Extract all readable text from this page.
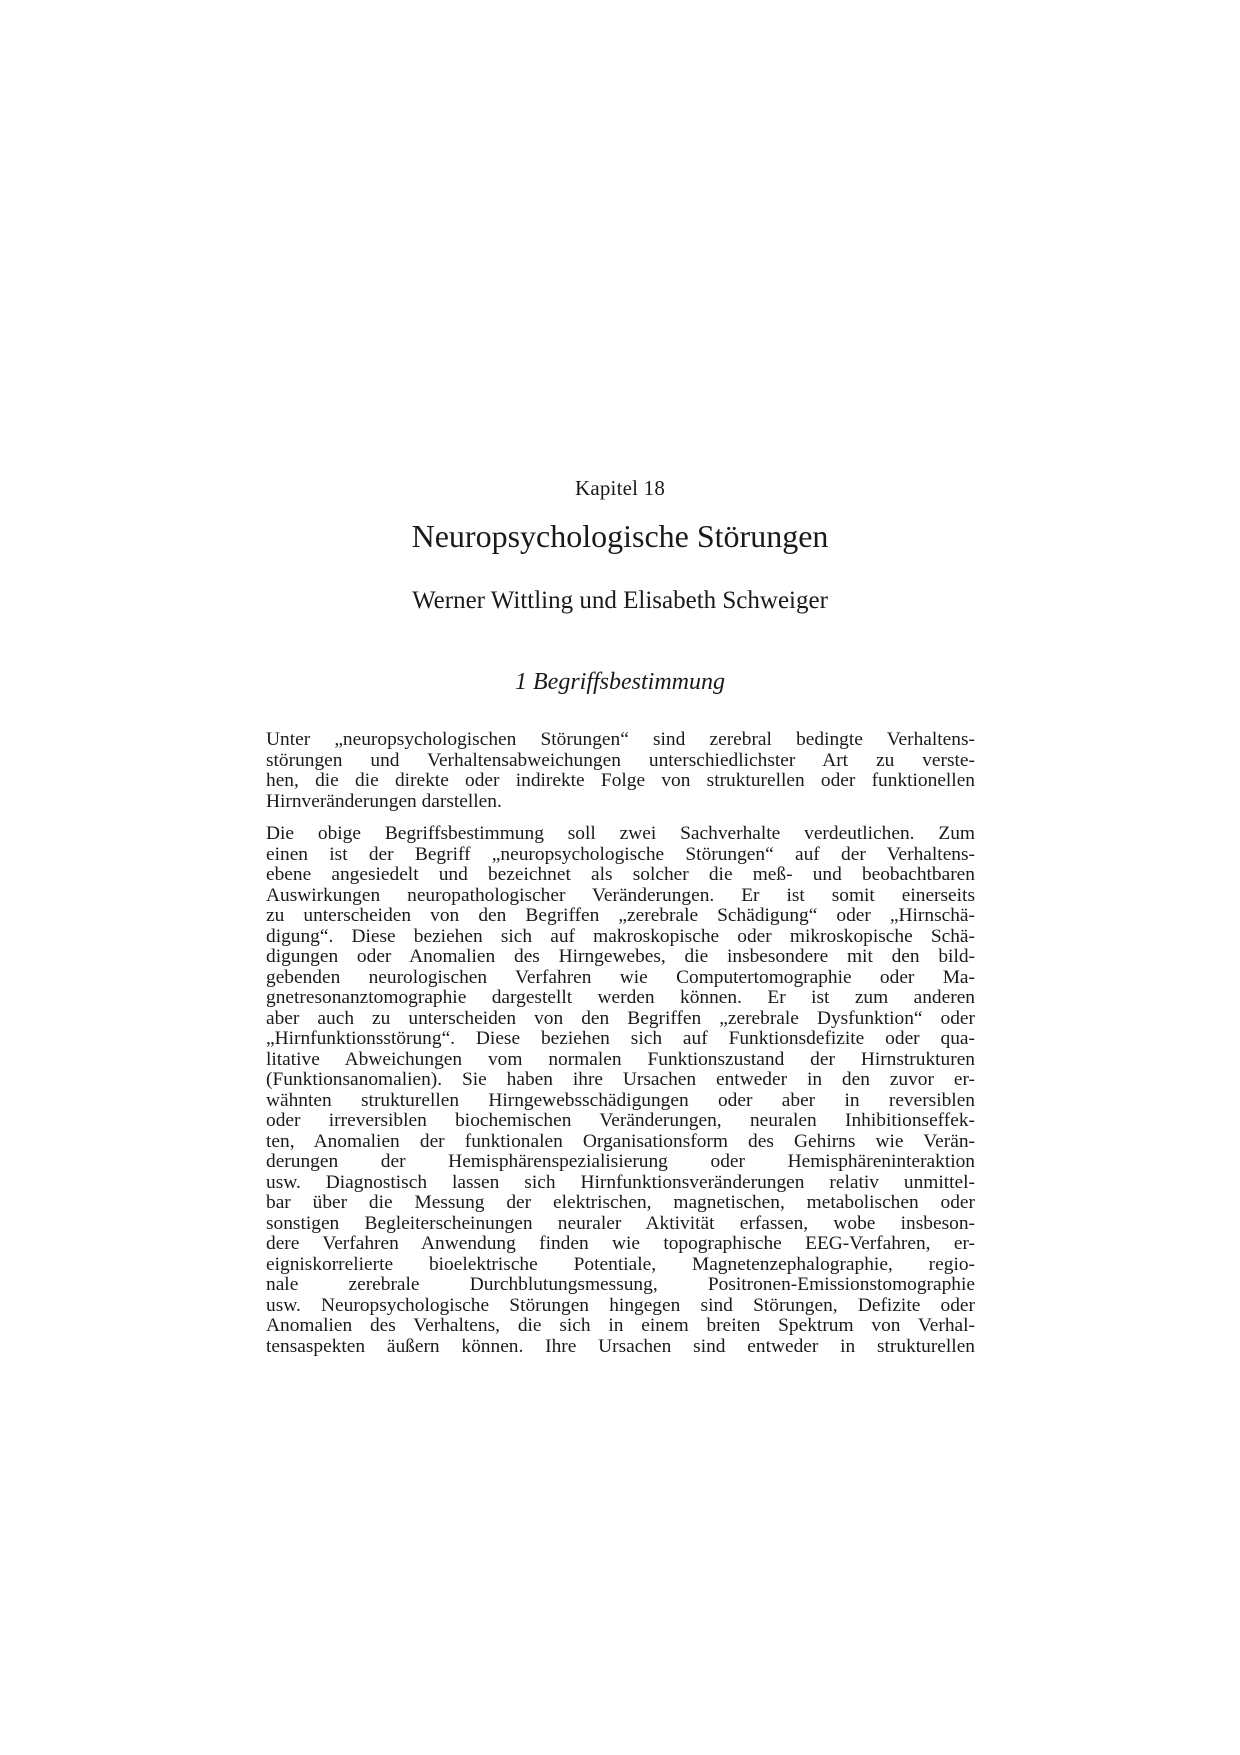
Kapitel 18
Neuropsychologische Störungen
Werner Wittling und Elisabeth Schweiger
1 Begriffsbestimmung

Unter „neuropsychologischen Störungen“ sind zerebral bedingte Verhaltens-
störungen und Verhaltensabweichungen unterschiedlichster Art zu verste-
hen, die die direkte oder indirekte Folge von strukturellen oder funktionellen
Hirnveränderungen darstellen.

Die obige Begriffsbestimmung soll zwei Sachverhalte verdeutlichen. Zum
einen ist der Begriff „neuropsychologische Störungen“ auf der Verhaltens-
ebene angesiedelt und bezeichnet als solcher die meß- und beobachtbaren
Auswirkungen neuropathologischer Veränderungen. Er ist somit einerseits
zu unterscheiden von den Begriffen „zerebrale Schädigung“ oder „Hirnschä-
digung“. Diese beziehen sich auf makroskopische oder mikroskopische Schä-
digungen oder Anomalien des Hirngewebes, die insbesondere mit den bild-
gebenden neurologischen Verfahren wie Computertomographie oder Ma-
gnetresonanztomographie dargestellt werden können. Er ist zum anderen
aber auch zu unterscheiden von den Begriffen „zerebrale Dysfunktion“ oder
„Hirnfunktionsstörung“. Diese beziehen sich auf Funktionsdefizite oder qua-
litative Abweichungen vom normalen Funktionszustand der Hirnstrukturen
(Funktionsanomalien). Sie haben ihre Ursachen entweder in den zuvor er-
wähnten strukturellen Hirngewebsschädigungen oder aber in reversiblen
oder irreversiblen biochemischen Veränderungen, neuralen Inhibitionseffek-
ten, Anomalien der funktionalen Organisationsform des Gehirns wie Verän-
derungen der Hemisphärenspezialisierung oder Hemisphäreninteraktion
usw. Diagnostisch lassen sich Hirnfunktionsveränderungen relativ unmittel-
bar über die Messung der elektrischen, magnetischen, metabolischen oder
sonstigen Begleiterscheinungen neuraler Aktivität erfassen, wobe insbeson-
dere Verfahren Anwendung finden wie topographische EEG-Verfahren, er-
eigniskorrelierte bioelektrische Potentiale, Magnetenzephalographie, regio-
nale zerebrale Durchblutungsmessung, Positronen-Emissionstomographie
usw. Neuropsychologische Störungen hingegen sind Störungen, Defizite oder
Anomalien des Verhaltens, die sich in einem breiten Spektrum von Verhal-
tensaspekten äußern können. Ihre Ursachen sind entweder in strukturellen
